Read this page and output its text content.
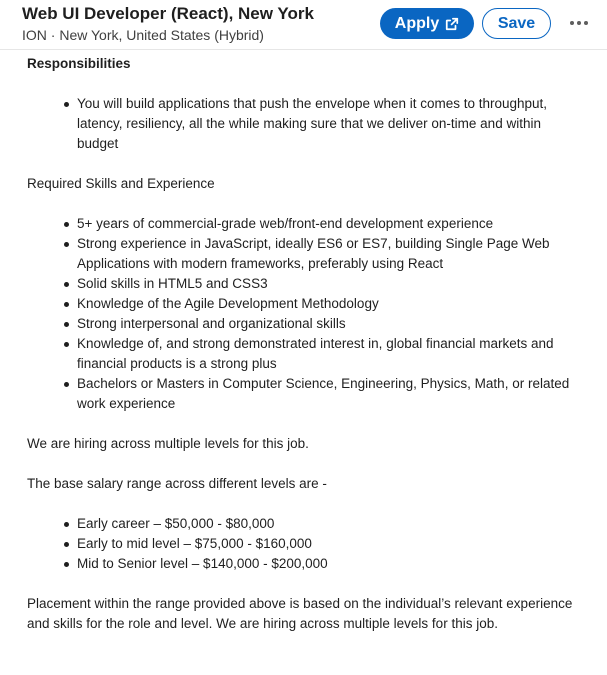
Web UI Developer (React), New York
ION · New York, United States (Hybrid)
Apply	Save
Responsibilities
You will build applications that push the envelope when it comes to throughput, latency, resiliency, all the while making sure that we deliver on-time and within budget
Required Skills and Experience
5+ years of commercial-grade web/front-end development experience
Strong experience in JavaScript, ideally ES6 or ES7, building Single Page Web Applications with modern frameworks, preferably using React
Solid skills in HTML5 and CSS3
Knowledge of the Agile Development Methodology
Strong interpersonal and organizational skills
Knowledge of, and strong demonstrated interest in, global financial markets and financial products is a strong plus
Bachelors or Masters in Computer Science, Engineering, Physics, Math, or related work experience
We are hiring across multiple levels for this job.
The base salary range across different levels are -
Early career – $50,000 - $80,000
Early to mid level – $75,000 - $160,000
Mid to Senior level – $140,000 - $200,000
Placement within the range provided above is based on the individual’s relevant experience and skills for the role and level. We are hiring across multiple levels for this job.
